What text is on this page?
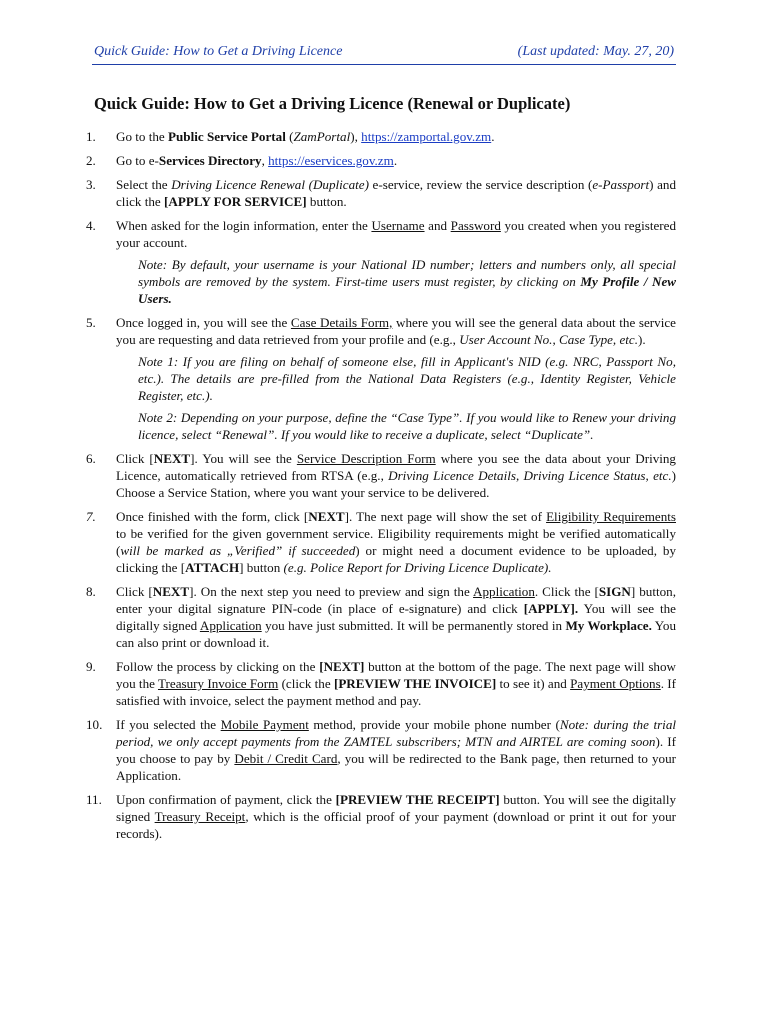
Quick Guide: How to Get a Driving Licence	(Last updated: May. 27, 20)
Quick Guide: How to Get a Driving Licence (Renewal or Duplicate)
1.	Go to the Public Service Portal (ZamPortal), https://zamportal.gov.zm.
2.	Go to e-Services Directory, https://eservices.gov.zm.
3.	Select the Driving Licence Renewal (Duplicate) e-service, review the service description (e-Passport) and click the [APPLY FOR SERVICE] button.
4.	When asked for the login information, enter the Username and Password you created when you registered your account.
Note: By default, your username is your National ID number; letters and numbers only, all special symbols are removed by the system. First-time users must register, by clicking on My Profile / New Users.
5.	Once logged in, you will see the Case Details Form, where you will see the general data about the service you are requesting and data retrieved from your profile and (e.g., User Account No., Case Type, etc.).
Note 1: If you are filing on behalf of someone else, fill in Applicant's NID (e.g. NRC, Passport No, etc.). The details are pre-filled from the National Data Registers (e.g., Identity Register, Vehicle Register, etc.).
Note 2: Depending on your purpose, define the “Case Type”. If you would like to Renew your driving licence, select “Renewal”. If you would like to receive a duplicate, select “Duplicate”.
6.	Click [NEXT]. You will see the Service Description Form where you see the data about your Driving Licence, automatically retrieved from RTSA (e.g., Driving Licence Details, Driving Licence Status, etc.) Choose a Service Station, where you want your service to be delivered.
7.	Once finished with the form, click [NEXT]. The next page will show the set of Eligibility Requirements to be verified for the given government service. Eligibility requirements might be verified automatically (will be marked as „Verified” if succeeded) or might need a document evidence to be uploaded, by clicking the [ATTACH] button (e.g. Police Report for Driving Licence Duplicate).
8.	Click [NEXT]. On the next step you need to preview and sign the Application. Click the [SIGN] button, enter your digital signature PIN-code (in place of e-signature) and click [APPLY]. You will see the digitally signed Application you have just submitted. It will be permanently stored in My Workplace. You can also print or download it.
9.	Follow the process by clicking on the [NEXT] button at the bottom of the page. The next page will show you the Treasury Invoice Form (click the [PREVIEW THE INVOICE] to see it) and Payment Options. If satisfied with invoice, select the payment method and pay.
10.	If you selected the Mobile Payment method, provide your mobile phone number (Note: during the trial period, we only accept payments from the ZAMTEL subscribers; MTN and AIRTEL are coming soon). If you choose to pay by Debit / Credit Card, you will be redirected to the Bank page, then returned to your Application.
11.	Upon confirmation of payment, click the [PREVIEW THE RECEIPT] button. You will see the digitally signed Treasury Receipt, which is the official proof of your payment (download or print it out for your records).
